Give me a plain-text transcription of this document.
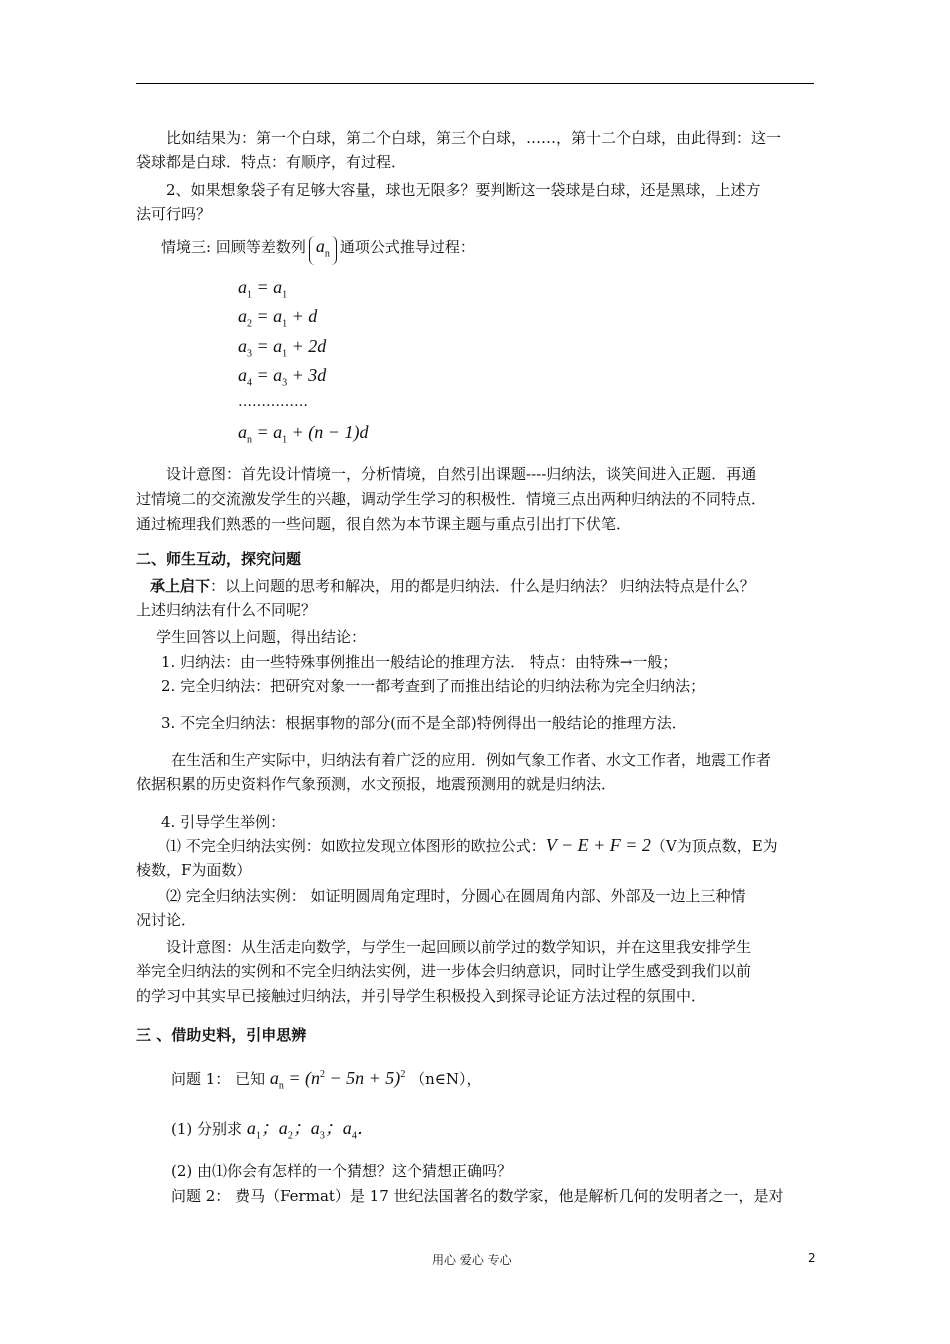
比如结果为：第一个白球，第二个白球，第三个白球，……，第十二个白球，由此得到：这一
袋球都是白球．特点：有顺序，有过程．
2、如果想象袋子有足够大容量，球也无限多？要判断这一袋球是白球，还是黑球，上述方
法可行吗？
情境三: 回顾等差数列 $a_n$ 通项公式推导过程：
$a_1 = a_1$
$a_2 = a_1 + d$
$a_3 = a_1 + 2d$
$a_4 = a_3 + 3d$
……………
$a_n = a_1 + (n - 1)d$
设计意图：首先设计情境一，分析情境，自然引出课题----归纳法，谈笑间进入正题．再通
过情境二的交流激发学生的兴趣，调动学生学习的积极性．情境三点出两种归纳法的不同特点．
通过梳理我们熟悉的一些问题，很自然为本节课主题与重点引出打下伏笔．
二、师生互动，探究问题
承上启下：以上问题的思考和解决，用的都是归纳法．什么是归纳法？ 归纳法特点是什么？
上述归纳法有什么不同呢？
学生回答以上问题，得出结论：
1. 归纳法：由一些特殊事例推出一般结论的推理方法． 特点：由特殊→一般；
2. 完全归纳法：把研究对象一一都考查到了而推出结论的归纳法称为完全归纳法；
3. 不完全归纳法：根据事物的部分(而不是全部)特例得出一般结论的推理方法．
在生活和生产实际中，归纳法有着广泛的应用．例如气象工作者、水文工作者，地震工作者
依据积累的历史资料作气象预测，水文预报，地震预测用的就是归纳法．
4. 引导学生举例：
⑴ 不完全归纳法实例：如欧拉发现立体图形的欧拉公式：V − E + F = 2（V为顶点数，E为
棱数，F为面数）
⑵ 完全归纳法实例： 如证明圆周角定理时，分圆心在圆周角内部、外部及一边上三种情
况讨论．
设计意图：从生活走向数学，与学生一起回顾以前学过的数学知识，并在这里我安排学生
举完全归纳法的实例和不完全归纳法实例，进一步体会归纳意识，同时让学生感受到我们以前
的学习中其实早已接触过归纳法，并引导学生积极投入到探寻论证方法过程的氛围中．
三 、借助史料，引申思辨
问题 1： 已知 $a_n = (n^2 - 5n + 5)^2$ （n∈N），
(1) 分别求 $a_1$；$a_2$；$a_3$；$a_4$．
(2) 由⑴你会有怎样的一个猜想？这个猜想正确吗？
问题 2： 费马（Fermat）是 17 世纪法国著名的数学家，他是解析几何的发明者之一，是对
用心 爱心 专心	2
